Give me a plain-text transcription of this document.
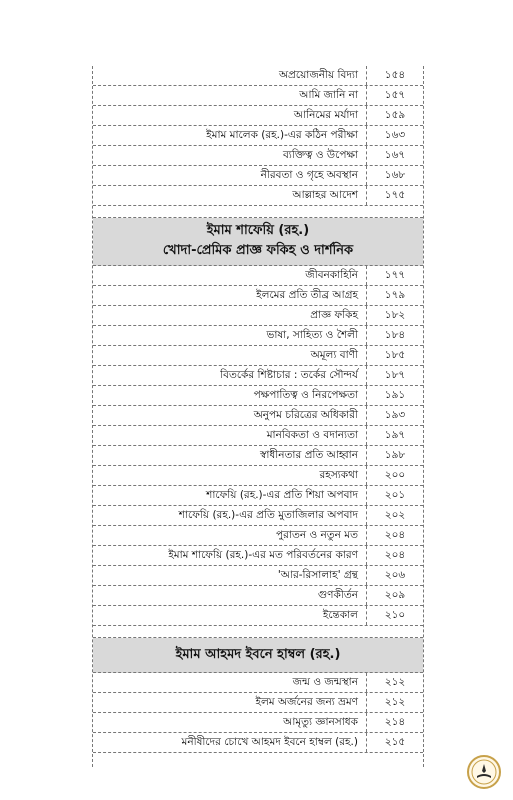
অপ্রয়োজনীয় বিদ্যা	১৫৪
আমি জানি না	১৫৭
আনিমের মর্যাদা	১৫৯
ইমাম মালেক (রহ.)-এর কঠিন পরীক্ষা	১৬৩
ব্যক্তিত্ব ও উপেক্ষা	১৬৭
নীরবতা ও গৃহে অবস্থান	১৬৮
আল্লাহর আদেশ	১৭৫
ইমাম শাফেয়ি (রহ.)
খোদা-প্রেমিক প্রাজ্ঞ ফকিহ ও দার্শনিক
জীবনকাহিনি	১৭৭
ইলমের প্রতি তীব্র আগ্রহ	১৭৯
প্রাজ্ঞ ফকিহ	১৮২
ভাষা, সাহিত্য ও শৈলী	১৮৪
অমূল্য বাণী	১৮৫
বিতর্কের শিষ্টাচার : তর্কের সৌন্দর্য	১৮৭
পক্ষপাতিত্ব ও নিরপেক্ষতা	১৯১
অনুপম চরিত্রের অধিকারী	১৯৩
মানবিকতা ও বদান্যতা	১৯৭
স্বাধীনতার প্রতি আহ্বান	১৯৮
রহস্যকথা	২০০
শাফেয়ি (রহ.)-এর প্রতি শিয়া অপবাদ	২০১
শাফেয়ি (রহ.)-এর প্রতি মুতাজিলার অপবাদ	২০২
পুরাতন ও নতুন মত	২০৪
ইমাম শাফেয়ি (রহ.)-এর মত পরিবর্তনের কারণ	২০৪
'আর-রিসালাহ' গ্রন্থ	২০৬
গুণকীর্তন	২০৯
ইন্তেকাল	২১০
ইমাম আহমদ ইবনে হাম্বল (রহ.)
জন্ম ও জন্মস্থান	২১২
ইলম অর্জনের জন্য ভ্রমণ	২১২
আমৃত্যু জ্ঞানসাধক	২১৪
মনীষীদের চোখে আহমদ ইবনে হাম্বল (রহ.)	২১৫
